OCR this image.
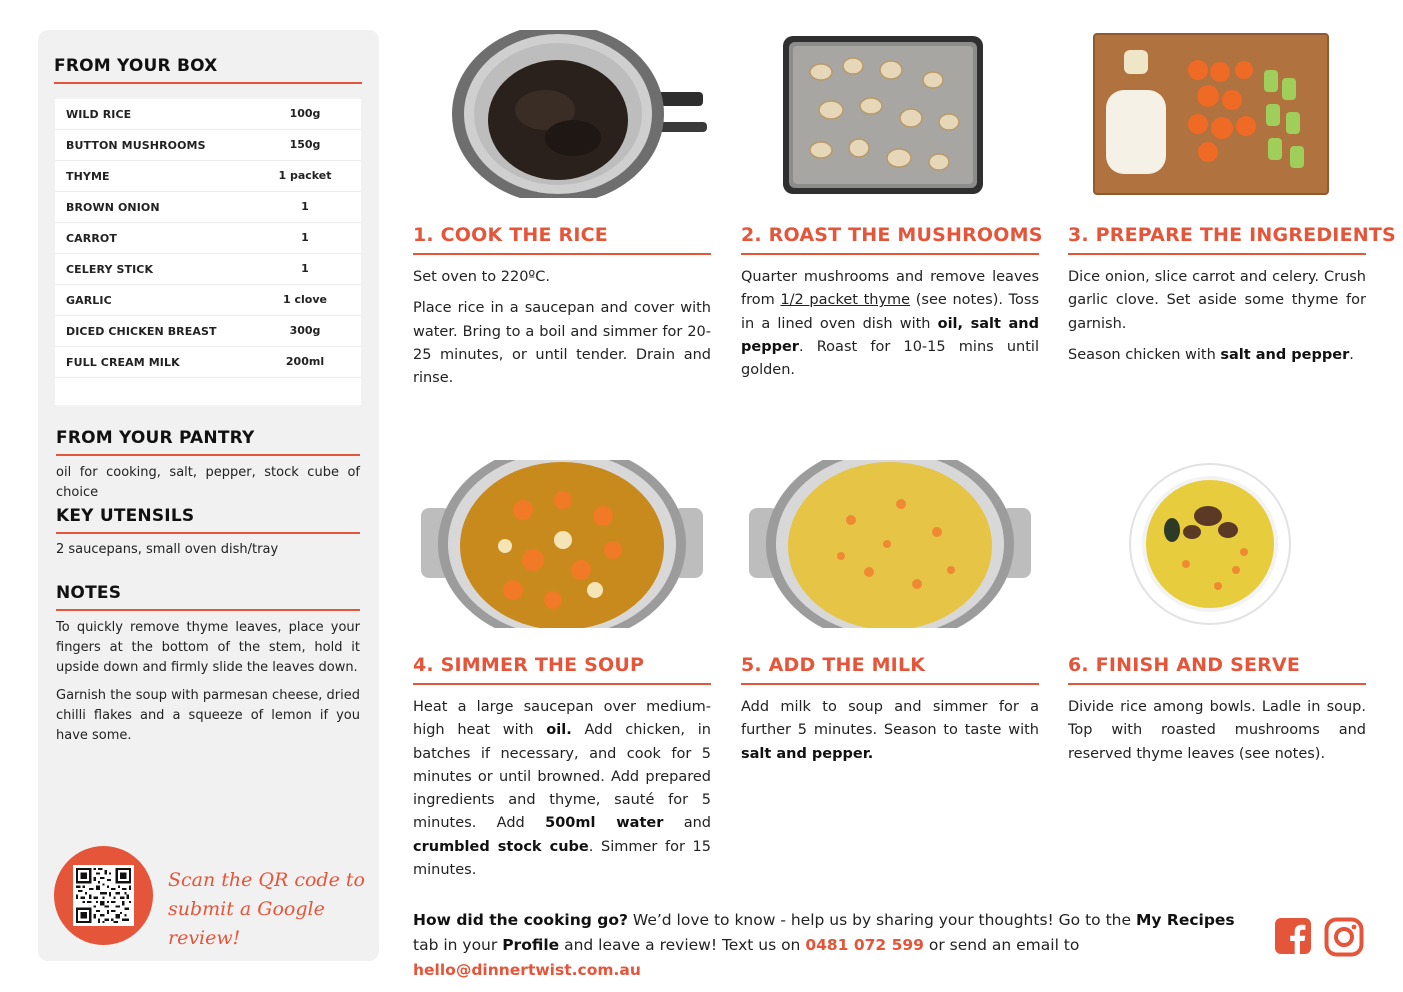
FROM YOUR BOX
WILD RICE	100g
BUTTON MUSHROOMS	150g
THYME	1 packet
BROWN ONION	1
CARROT	1
CELERY STICK	1
GARLIC	1 clove
DICED CHICKEN BREAST	300g
FULL CREAM MILK	200ml
FROM YOUR PANTRY
oil for cooking, salt, pepper, stock cube of choice
KEY UTENSILS
2 saucepans, small oven dish/tray
NOTES
To quickly remove thyme leaves, place your fingers at the bottom of the stem, hold it upside down and firmly slide the leaves down.
Garnish the soup with parmesan cheese, dried chilli flakes and a squeeze of lemon if you have some.
Scan the QR code to
submit a Google review!
1. COOK THE RICE

Set oven to 220ºC.

Place rice in a saucepan and cover with water. Bring to a boil and simmer for 20-25 minutes, or until tender. Drain and rinse.

2. ROAST THE MUSHROOMS

Quarter mushrooms and remove leaves from 1/2 packet thyme (see notes). Toss in a lined oven dish with oil, salt and pepper. Roast for 10-15 mins until golden.

3. PREPARE THE INGREDIENTS

Dice onion, slice carrot and celery. Crush garlic clove. Set aside some thyme for garnish.

Season chicken with salt and pepper.

4. SIMMER THE SOUP

Heat a large saucepan over medium-high heat with oil. Add chicken, in batches if necessary, and cook for 5 minutes or until browned. Add prepared ingredients and thyme, sauté for 5 minutes. Add 500ml water and crumbled stock cube. Simmer for 15 minutes.

5. ADD THE MILK

Add milk to soup and simmer for a further 5 minutes. Season to taste with salt and pepper.

6. FINISH AND SERVE

Divide rice among bowls. Ladle in soup. Top with roasted mushrooms and reserved thyme leaves (see notes).

How did the cooking go? We’d love to know - help us by sharing your thoughts! Go to the My Recipes tab in your Profile and leave a review! Text us on 0481 072 599 or send an email to hello@dinnertwist.com.au
